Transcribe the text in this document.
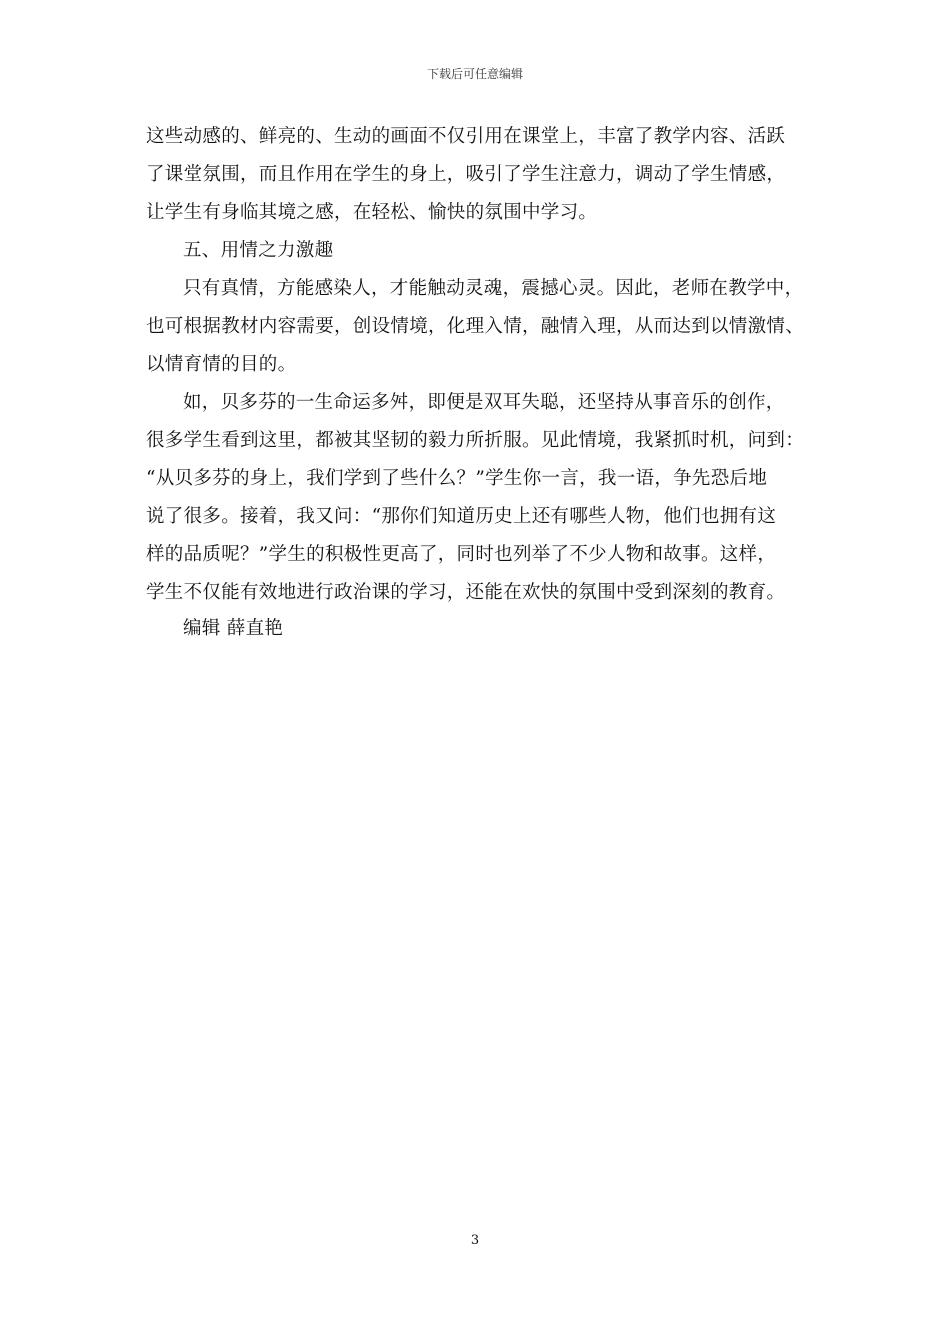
下载后可任意编辑
这些动感的、鲜亮的、生动的画面不仅引用在课堂上，丰富了教学内容、活跃
了课堂氛围，而且作用在学生的身上，吸引了学生注意力，调动了学生情感，
让学生有身临其境之感，在轻松、愉快的氛围中学习。
五、用情之力激趣
只有真情，方能感染人，才能触动灵魂，震撼心灵。因此，老师在教学中，
也可根据教材内容需要，创设情境，化理入情，融情入理，从而达到以情激情、
以情育情的目的。
如，贝多芬的一生命运多舛，即便是双耳失聪，还坚持从事音乐的创作，
很多学生看到这里，都被其坚韧的毅力所折服。见此情境，我紧抓时机，问到：
“从贝多芬的身上，我们学到了些什么？”学生你一言，我一语，争先恐后地
说了很多。接着，我又问：“那你们知道历史上还有哪些人物，他们也拥有这
样的品质呢？”学生的积极性更高了，同时也列举了不少人物和故事。这样，
学生不仅能有效地进行政治课的学习，还能在欢快的氛围中受到深刻的教育。
编辑 薛直艳
3
